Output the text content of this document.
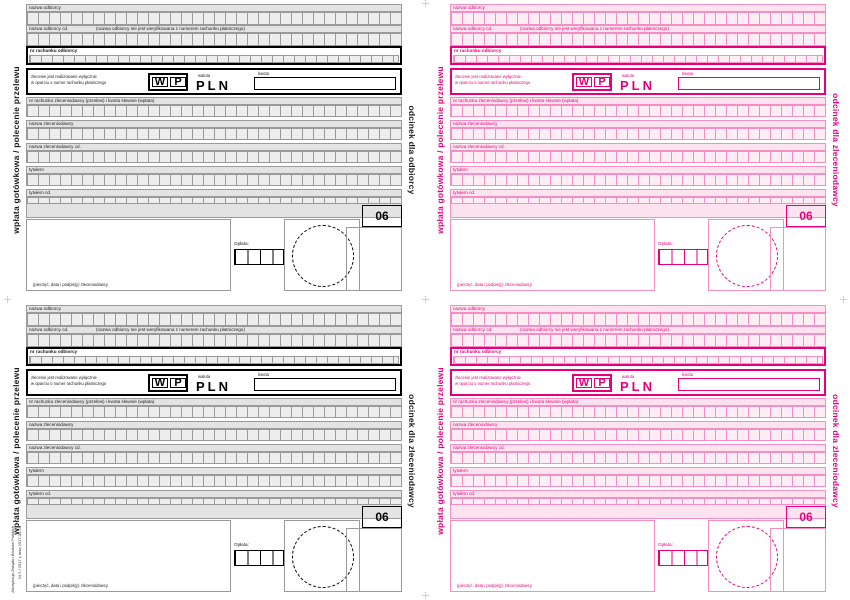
wpłata gotówkowa / polecenie przelewu	odcinek dla odbiorcy
nazwa odbiorcy
nazwa odbiorcy cd.	(nazwa odbiorcy nie jest weryfikowana z numerem rachunku płatniczego)
nr rachunku odbiorcy
zlecenie jest realizowane wyłącznie
w oparciu o numer rachunku płatniczego	W P
waluta
PLN
kwota
nr rachunku zleceniodawcy (przelew) i kwota słownie (wpłata)
nazwa zleceniodawcy
nazwa zleceniodawcy cd.
tytułem
tytułem cd.
06
(pieczęć, data i podpis(y) zleceniodawcy
Opłata:
wpłata gotówkowa / polecenie przelewu	odcinek dla zleceniodawcy
nazwa odbiorcy
nazwa odbiorcy cd.	(nazwa odbiorcy nie jest weryfikowana z numerem rachunku płatniczego)
nr rachunku odbiorcy
zlecenie jest realizowane wyłącznie
w oparciu o numer rachunku płatniczego	W P
waluta
PLN
kwota
nr rachunku zleceniodawcy (przelew) i kwota słownie (wpłata)
nazwa zleceniodawcy
nazwa zleceniodawcy cd.
tytułem
tytułem cd.
06
(pieczęć, data i podpis(y) zleceniodawcy
Opłata:
wpłata gotówkowa / polecenie przelewu	odcinek dla zleceniodawcy
nazwa odbiorcy
nazwa odbiorcy cd.	(nazwa odbiorcy nie jest weryfikowana z numerem rachunku płatniczego)
nr rachunku odbiorcy
zlecenie jest realizowane wyłącznie
w oparciu o numer rachunku płatniczego	W P
waluta
PLN
kwota
nr rachunku zleceniodawcy (przelew) i kwota słownie (wpłata)
nazwa zleceniodawcy
nazwa zleceniodawcy cd.
tytułem
tytułem cd.
06
(pieczęć, data i podpis(y) zleceniodawcy
Opłata:
wpłata gotówkowa / polecenie przelewu	odcinek dla zleceniodawcy
nazwa odbiorcy
nazwa odbiorcy cd.	(nazwa odbiorcy nie jest weryfikowana z numerem rachunku płatniczego)
nr rachunku odbiorcy
zlecenie jest realizowane wyłącznie
w oparciu o numer rachunku płatniczego	W P
waluta
PLN
kwota
nr rachunku zleceniodawcy (przelew) i kwota słownie (wpłata)
nazwa zleceniodawcy
nazwa zleceniodawcy cd.
tytułem
tytułem cd.
06
(pieczęć, data i podpis(y) zleceniodawcy
Opłata:
Akceptacja Związku Banków Polskich Nr 2 / 2017 z dnia 2017-05-24
